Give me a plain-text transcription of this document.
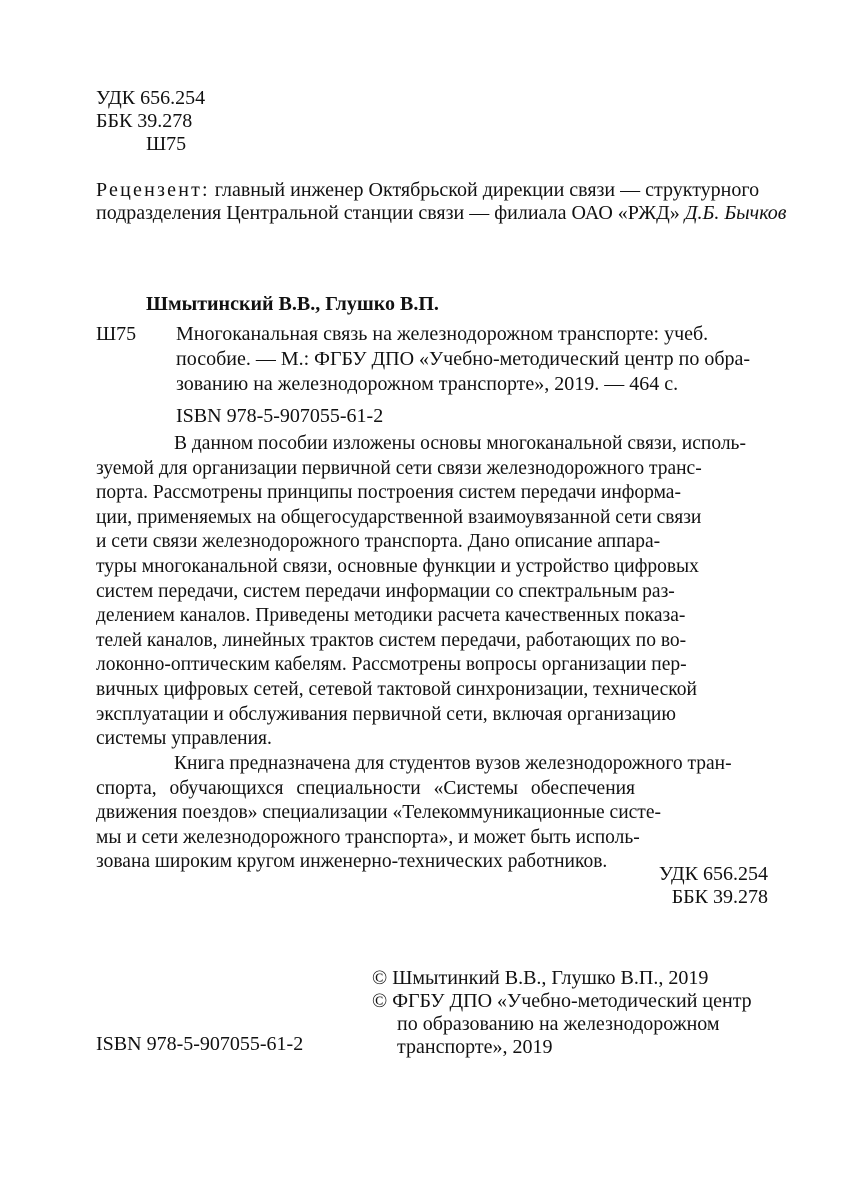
УДК 656.254
ББК 39.278
Ш75
Рецензент: главный инженер Октябрьской дирекции связи — структурного
подразделения Центральной станции связи — филиала ОАО «РЖД» Д.Б. Бычков
Шмытинский В.В., Глушко В.П.
Ш75 Многоканальная связь на железнодорожном транспорте: учеб.
пособие. — М.: ФГБУ ДПО «Учебно-методический центр по обра-
зованию на железнодорожном транспорте», 2019. — 464 с.
ISBN 978-5-907055-61-2
В данном пособии изложены основы многоканальной связи, исполь-
зуемой для организации первичной сети связи железнодорожного транс-
порта. Рассмотрены принципы построения систем передачи информа-
ции, применяемых на общегосударственной взаимоувязанной сети связи
и сети связи железнодорожного транспорта. Дано описание аппара-
туры многоканальной связи, основные функции и устройство цифровых
систем передачи, систем передачи информации со спектральным раз-
делением каналов. Приведены методики расчета качественных показа-
телей каналов, линейных трактов систем передачи, работающих по во-
локонно-оптическим кабелям. Рассмотрены вопросы организации пер-
вичных цифровых сетей, сетевой тактовой синхронизации, технической
эксплуатации и обслуживания первичной сети, включая организацию
системы управления.
Книга предназначена для студентов вузов железнодорожного тран-
спорта, обучающихся специальности «Системы обеспечения
движения поездов» специализации «Телекоммуникационные систе-
мы и сети железнодорожного транспорта», и может быть исполь-
зована широким кругом инженерно-технических работников.
УДК 656.254
ББК 39.278
ISBN 978-5-907055-61-2
© Шмытинкий В.В., Глушко В.П., 2019
© ФГБУ ДПО «Учебно-методический центр
по образованию на железнодорожном
транспорте», 2019
